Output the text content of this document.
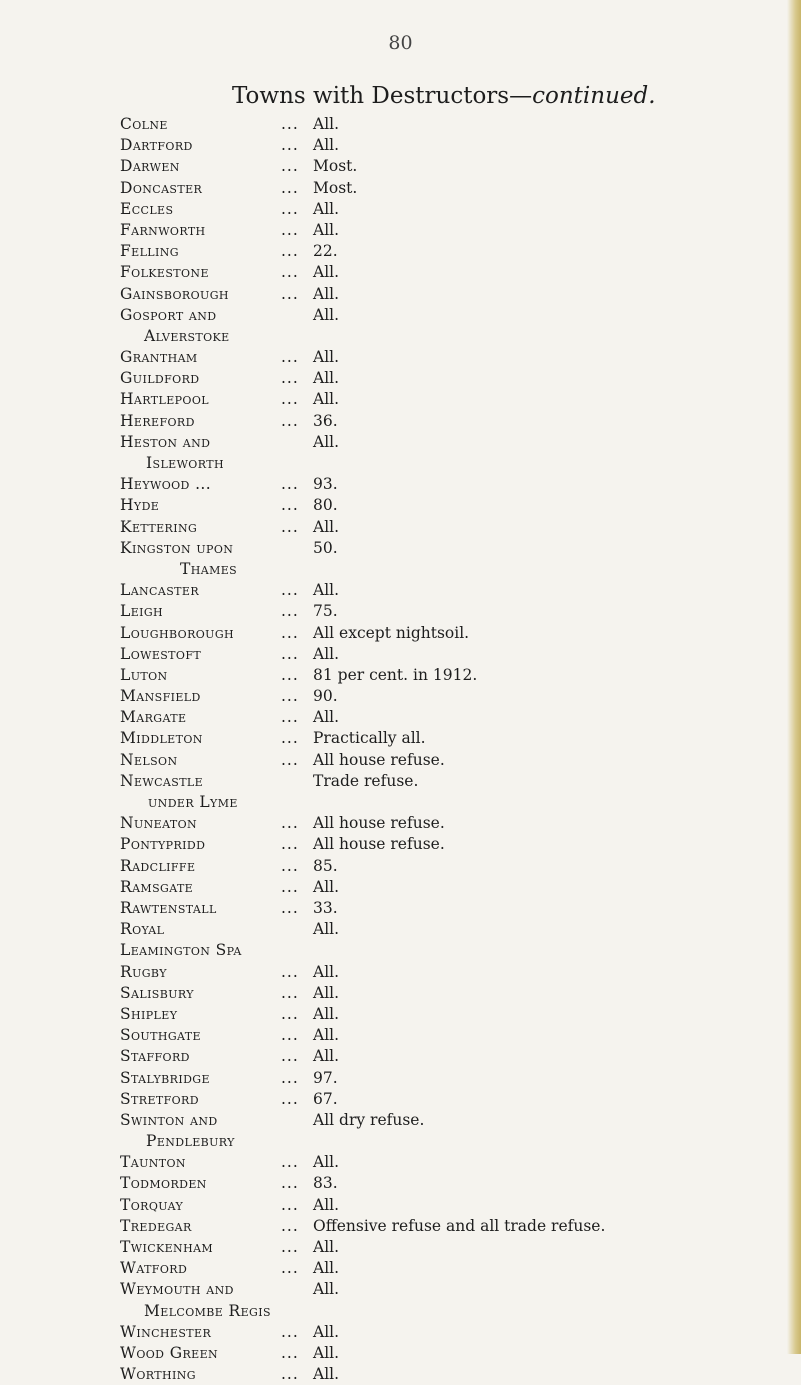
80
Towns with Destructors—continued.
Colne	... All.
Dartford	... All.
Darwen	... Most.
Doncaster	... Most.
Eccles	... All.
Farnworth	... All.
Felling	... 22.
Folkestone	... All.
Gainsborough	... All.
Gosport and	All.
Alverstoke
Grantham	... All.
Guildford	... All.
Hartlepool	... All.
Hereford	... 36.
Heston and	All.
Isleworth
Heywood ...	... 93.
Hyde	... 80.
Kettering	... All.
Kingston upon	50.
Thames
Lancaster	... All.
Leigh	... 75.
Loughborough	... All except nightsoil.
Lowestoft	... All.
Luton	... 81 per cent. in 1912.
Mansfield	... 90.
Margate	... All.
Middleton	... Practically all.
Nelson	... All house refuse.
Newcastle	Trade refuse.
under Lyme
Nuneaton	... All house refuse.
Pontypridd	... All house refuse.
Radcliffe	... 85.
Ramsgate	... All.
Rawtenstall	... 33.
Royal	All.
Leamington Spa
Rugby	... All.
Salisbury	... All.
Shipley	... All.
Southgate	... All.
Stafford	... All.
Stalybridge	... 97.
Stretford	... 67.
Swinton and	All dry refuse.
Pendlebury
Taunton	... All.
Todmorden	... 83.
Torquay	... All.
Tredegar	... Offensive refuse and all trade refuse.
Twickenham	... All.
Watford	... All.
Weymouth and	All.
Melcombe Regis
Winchester	... All.
Wood Green	... All.
Worthing	... All.
